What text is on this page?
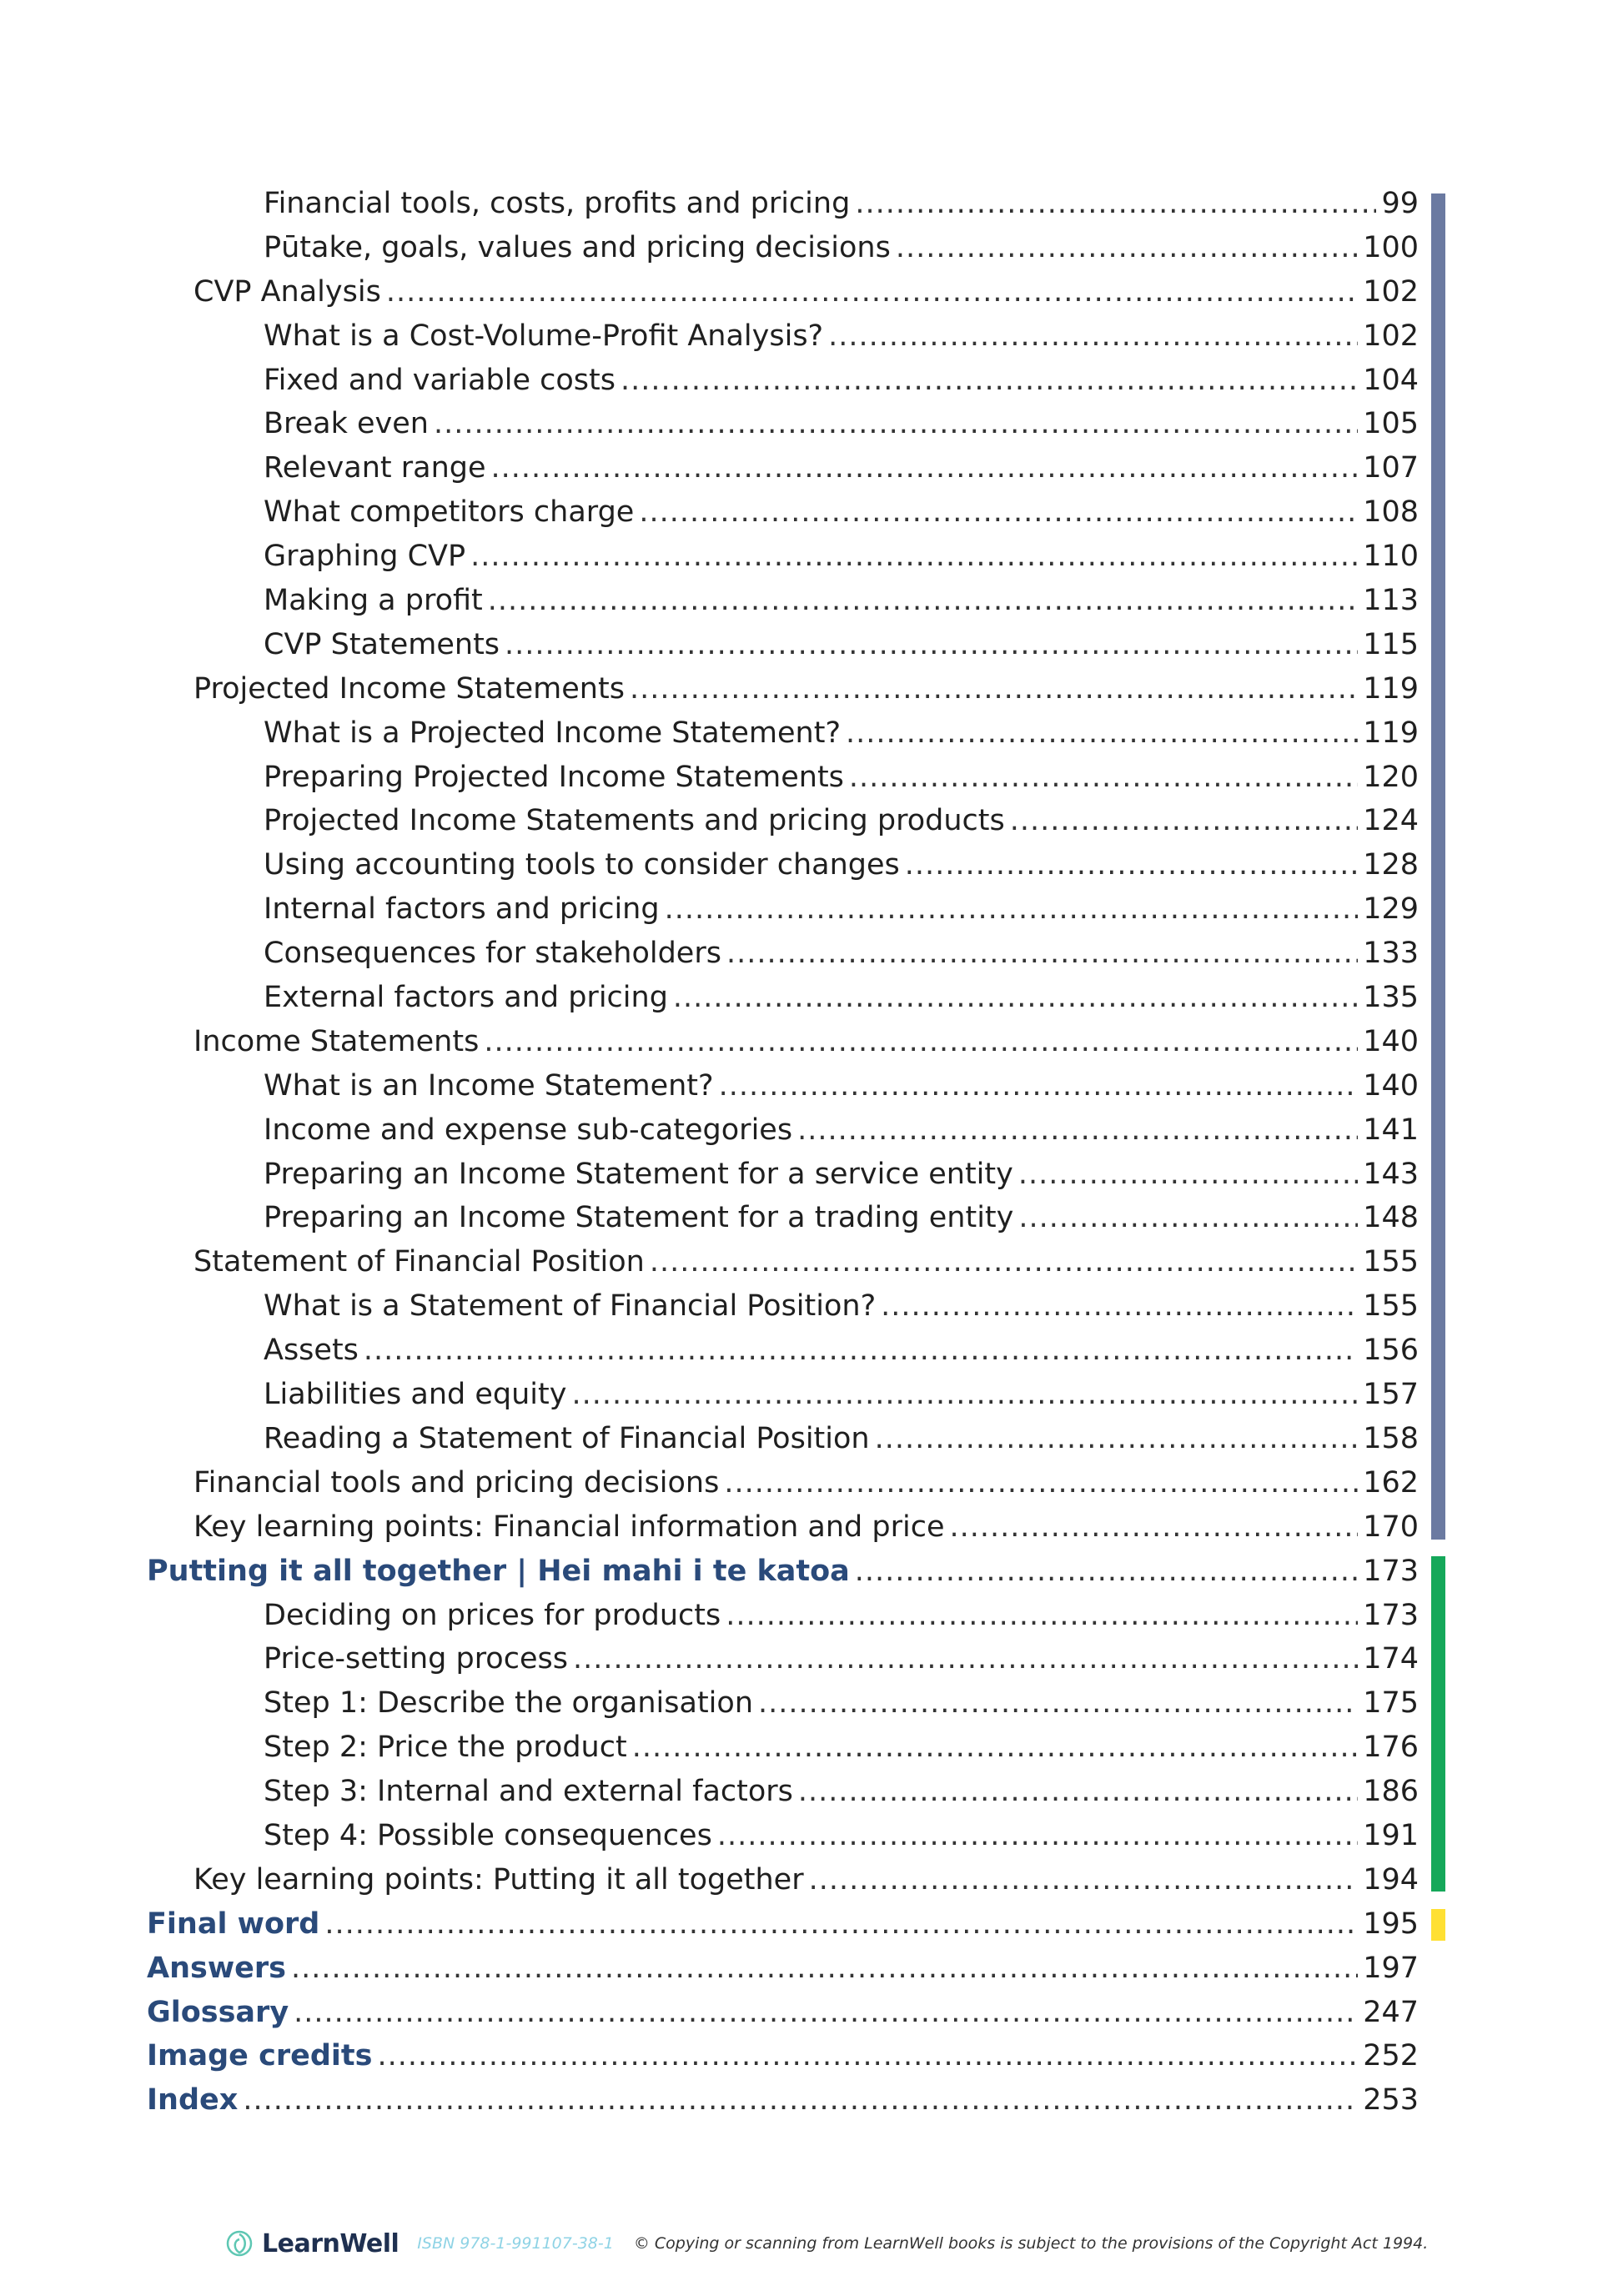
Financial tools, costs, profits and pricing .....	99
Pūtake, goals, values and pricing decisions .....	100
CVP Analysis .....	102
What is a Cost-Volume-Profit Analysis? .....	102
Fixed and variable costs .....	104
Break even .....	105
Relevant range .....	107
What competitors charge .....	108
Graphing CVP .....	110
Making a profit .....	113
CVP Statements .....	115
Projected Income Statements .....	119
What is a Projected Income Statement? .....	119
Preparing Projected Income Statements .....	120
Projected Income Statements and pricing products .....	124
Using accounting tools to consider changes .....	128
Internal factors and pricing .....	129
Consequences for stakeholders .....	133
External factors and pricing .....	135
Income Statements .....	140
What is an Income Statement? .....	140
Income and expense sub-categories .....	141
Preparing an Income Statement for a service entity .....	143
Preparing an Income Statement for a trading entity .....	148
Statement of Financial Position .....	155
What is a Statement of Financial Position? .....	155
Assets .....	156
Liabilities and equity .....	157
Reading a Statement of Financial Position .....	158
Financial tools and pricing decisions .....	162
Key learning points: Financial information and price .....	170
Putting it all together | Hei mahi i te katoa .....	173
Deciding on prices for products .....	173
Price-setting process .....	174
Step 1: Describe the organisation .....	175
Step 2: Price the product .....	176
Step 3: Internal and external factors .....	186
Step 4: Possible consequences .....	191
Key learning points: Putting it all together .....	194
Final word .....	195
Answers .....	197
Glossary .....	247
Image credits .....	252
Index .....	253
LearnWell ISBN 978-1-991107-38-1 © Copying or scanning from LearnWell books is subject to the provisions of the Copyright Act 1994.
